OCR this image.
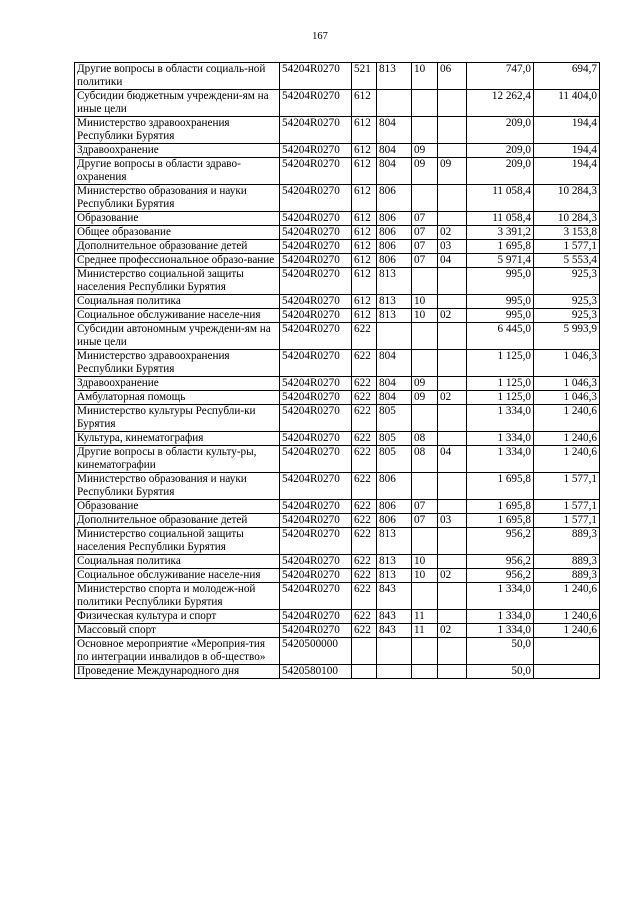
167
Другие вопросы в области социаль-ной политики	54204R0270	521	813	10	06	747,0	694,7
Субсидии бюджетным учреждени-ям на иные цели	54204R0270	612				12 262,4	11 404,0
Министерство здравоохранения Республики Бурятия	54204R0270	612	804			209,0	194,4
Здравоохранение	54204R0270	612	804	09		209,0	194,4
Другие вопросы в области здраво-охранения	54204R0270	612	804	09	09	209,0	194,4
Министерство образования и науки Республики Бурятия	54204R0270	612	806			11 058,4	10 284,3
Образование	54204R0270	612	806	07		11 058,4	10 284,3
Общее образование	54204R0270	612	806	07	02	3 391,2	3 153,8
Дополнительное образование детей	54204R0270	612	806	07	03	1 695,8	1 577,1
Среднее профессиональное образо-вание	54204R0270	612	806	07	04	5 971,4	5 553,4
Министерство социальной защиты населения Республики Бурятия	54204R0270	612	813			995,0	925,3
Социальная политика	54204R0270	612	813	10		995,0	925,3
Социальное обслуживание населе-ния	54204R0270	612	813	10	02	995,0	925,3
Субсидии автономным учреждени-ям на иные цели	54204R0270	622				6 445,0	5 993,9
Министерство здравоохранения Республики Бурятия	54204R0270	622	804			1 125,0	1 046,3
Здравоохранение	54204R0270	622	804	09		1 125,0	1 046,3
Амбулаторная помощь	54204R0270	622	804	09	02	1 125,0	1 046,3
Министерство культуры Республи-ки Бурятия	54204R0270	622	805			1 334,0	1 240,6
Культура, кинематография	54204R0270	622	805	08		1 334,0	1 240,6
Другие вопросы в области культу-ры, кинематографии	54204R0270	622	805	08	04	1 334,0	1 240,6
Министерство образования и науки Республики Бурятия	54204R0270	622	806			1 695,8	1 577,1
Образование	54204R0270	622	806	07		1 695,8	1 577,1
Дополнительное образование детей	54204R0270	622	806	07	03	1 695,8	1 577,1
Министерство социальной защиты населения Республики Бурятия	54204R0270	622	813			956,2	889,3
Социальная политика	54204R0270	622	813	10		956,2	889,3
Социальное обслуживание населе-ния	54204R0270	622	813	10	02	956,2	889,3
Министерство спорта и молодеж-ной политики Республики Бурятия	54204R0270	622	843			1 334,0	1 240,6
Физическая культура и спорт	54204R0270	622	843	11		1 334,0	1 240,6
Массовый спорт	54204R0270	622	843	11	02	1 334,0	1 240,6
Основное мероприятие «Мероприя-тия по интеграции инвалидов в об-щество»	5420500000					50,0	
Проведение Международного дня	5420580100					50,0	
